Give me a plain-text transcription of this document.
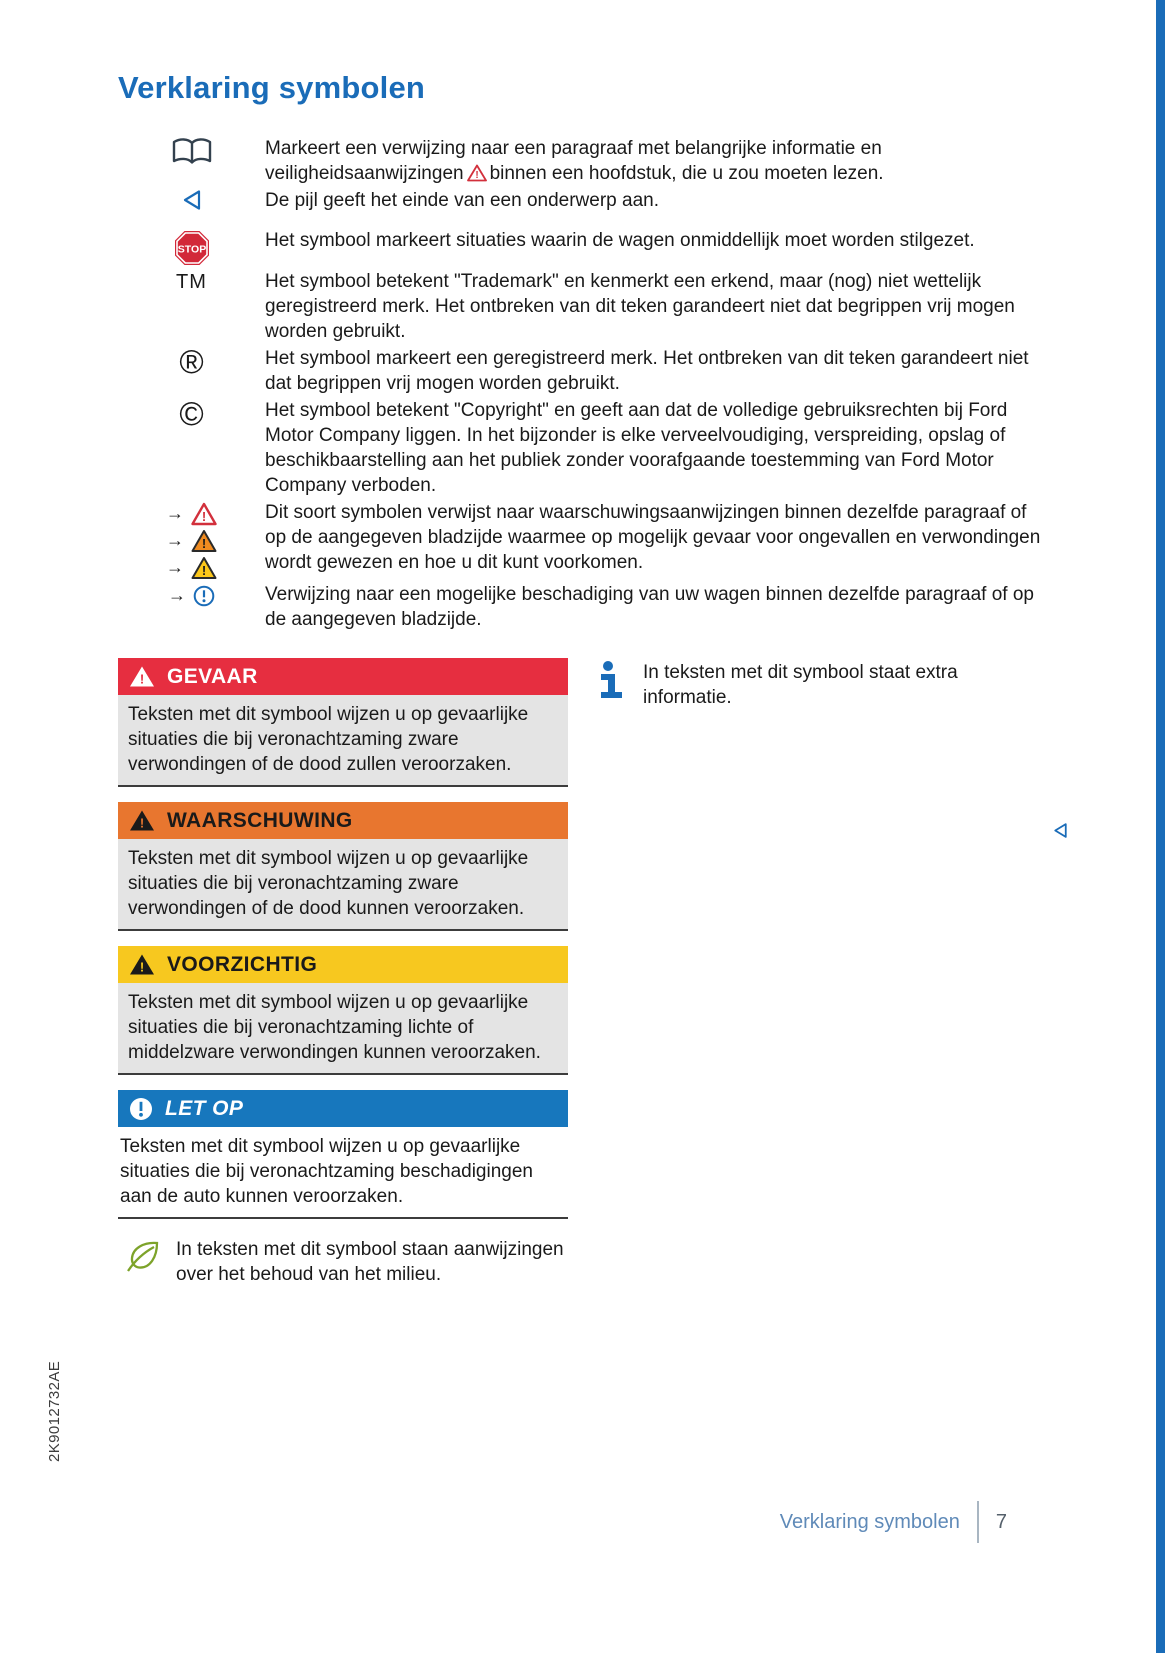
Verklaring symbolen
Markeert een verwijzing naar een paragraaf met belangrijke informatie en veiligheidsaanwijzingen ! binnen een hoofdstuk, die u zou moeten lezen.
De pijl geeft het einde van een onderwerp aan.
STOP	Het symbool markeert situaties waarin de wagen onmiddellijk moet worden stilgezet.
TM	Het symbool betekent "Trademark" en kenmerkt een erkend, maar (nog) niet wettelijk geregistreerd merk. Het ontbreken van dit teken garandeert niet dat begrippen vrij mogen worden gebruikt.
®	Het symbool markeert een geregistreerd merk. Het ontbreken van dit teken garandeert niet dat begrippen vrij mogen worden gebruikt.
©	Het symbool betekent "Copyright" en geeft aan dat de volledige gebruiksrechten bij Ford Motor Company liggen. In het bijzonder is elke verveelvoudiging, verspreiding, opslag of beschikbaarstelling aan het publiek zonder voorafgaande toestemming van Ford Motor Company verboden.
→ !
→ !
→ !
Dit soort symbolen verwijst naar waarschuwingsaanwijzingen binnen dezelfde paragraaf of op de aangegeven bladzijde waarmee op mogelijk gevaar voor ongevallen en verwondingen wordt gewezen en hoe u dit kunt voorkomen.
→	Verwijzing naar een mogelijke beschadiging van uw wagen binnen dezelfde paragraaf of op de aangegeven bladzijde.
! GEVAAR
Teksten met dit symbool wijzen u op gevaarlijke situaties die bij veronachtzaming zware verwondingen of de dood zullen veroorzaken.
! WAARSCHUWING
Teksten met dit symbool wijzen u op gevaarlijke situaties die bij veronachtzaming zware verwondingen of de dood kunnen veroorzaken.
! VOORZICHTIG
Teksten met dit symbool wijzen u op gevaarlijke situaties die bij veronachtzaming lichte of middelzware verwondingen kunnen veroorzaken.
LET OP
Teksten met dit symbool wijzen u op gevaarlijke situaties die bij veronachtzaming beschadigingen aan de auto kunnen veroorzaken.
In teksten met dit symbool staan aanwijzingen over het behoud van het milieu.
In teksten met dit symbool staat extra informatie.
2K9012732AE
Verklaring symbolen 7
